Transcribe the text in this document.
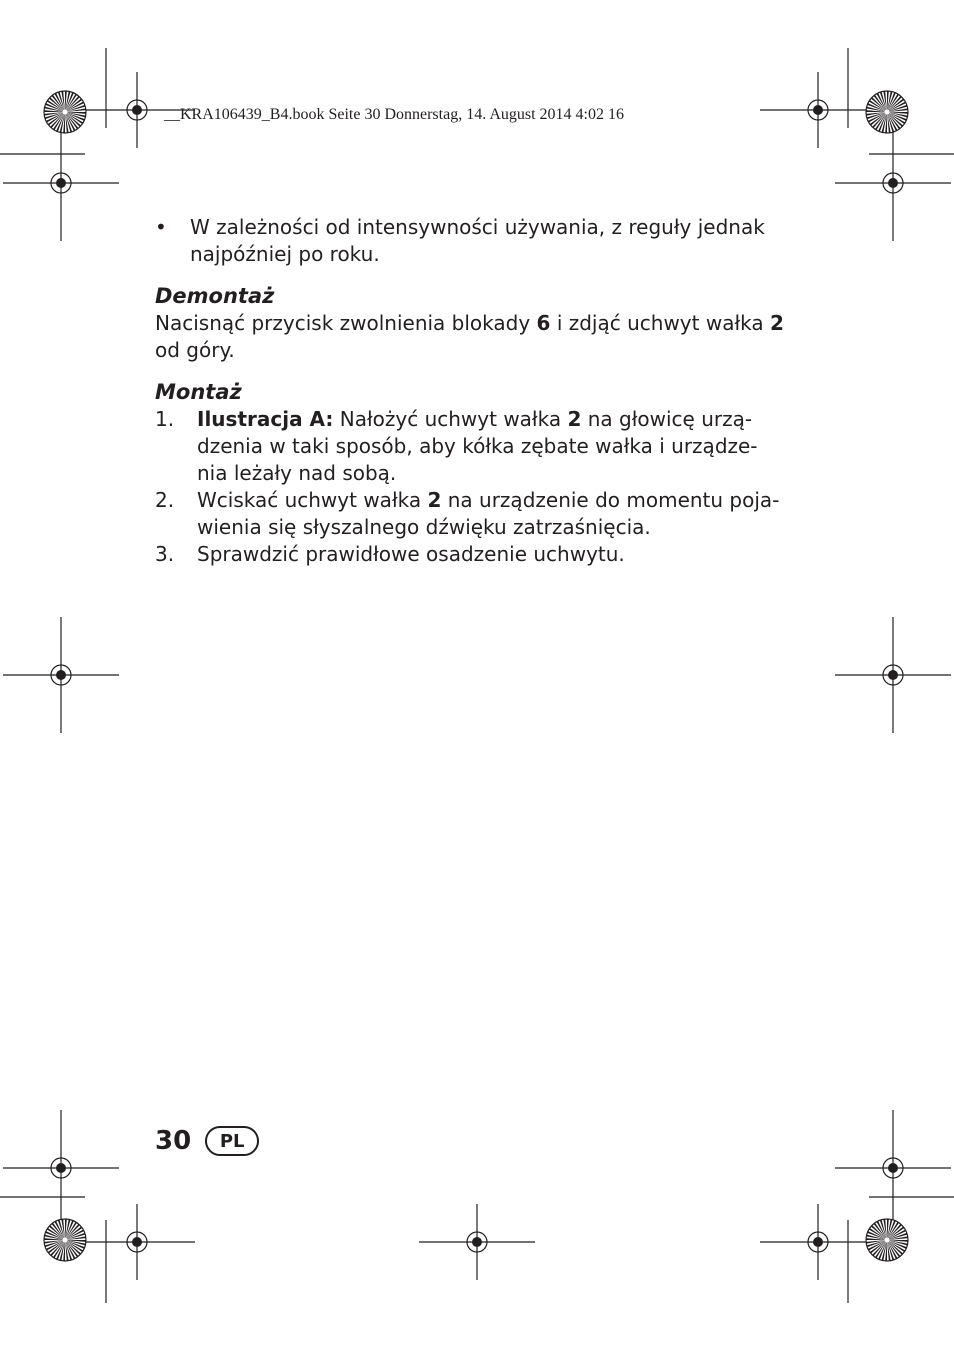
__KRA106439_B4.book Seite 30 Donnerstag, 14. August 2014 4:02 16
• W zależności od intensywności używania, z reguły jednak
najpóźniej po roku.
Demontaż

Nacisnąć przycisk zwolnienia blokady 6 i zdjąć uchwyt wałka 2
od góry.

Montaż
1. Ilustracja A: Nałożyć uchwyt wałka 2 na głowicę urzą-
dzenia w taki sposób, aby kółka zębate wałka i urządze-
nia leżały nad sobą.
2. Wciskać uchwyt wałka 2 na urządzenie do momentu poja-
wienia się słyszalnego dźwięku zatrzaśnięcia.
3. Sprawdzić prawidłowe osadzenie uchwytu.
30	PL
